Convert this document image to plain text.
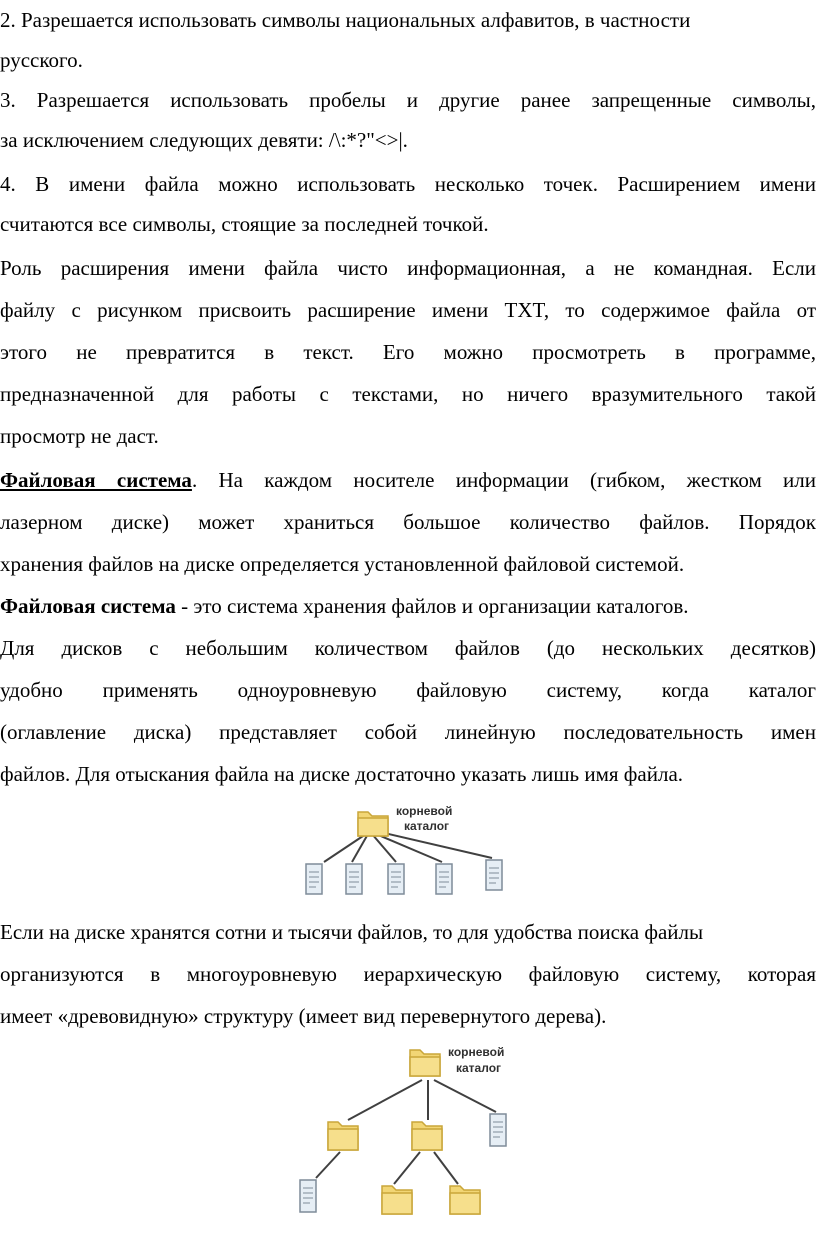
2. Разрешается использовать символы национальных алфавитов, в частности
русского.
3. Разрешается использовать пробелы и другие ранее запрещенные символы,
за исключением следующих девяти: /\:*?"<>|.
4. В имени файла можно использовать несколько точек. Расширением имени
считаются все символы, стоящие за последней точкой.
Роль расширения имени файла чисто информационная, а не командная. Если
файлу с рисунком присвоить расширение имени TXT, то содержимое файла от
этого не превратится в текст. Его можно просмотреть в программе,
предназначенной для работы с текстами, но ничего вразумительного такой
просмотр не даст.
Файловая система. На каждом носителе информации (гибком, жестком или
лазерном диске) может храниться большое количество файлов. Порядок
хранения файлов на диске определяется установленной файловой системой.
Файловая система - это система хранения файлов и организации каталогов.
Для дисков с небольшим количеством файлов (до нескольких десятков)
удобно применять одноуровневую файловую систему, когда каталог
(оглавление диска) представляет собой линейную последовательность имен
файлов. Для отыскания файла на диске достаточно указать лишь имя файла.
корневой
каталог
Если на диске хранятся сотни и тысячи файлов, то для удобства поиска файлы
организуются в многоуровневую иерархическую файловую систему, которая
имеет «древовидную» структуру (имеет вид перевернутого дерева).
корневой
каталог
